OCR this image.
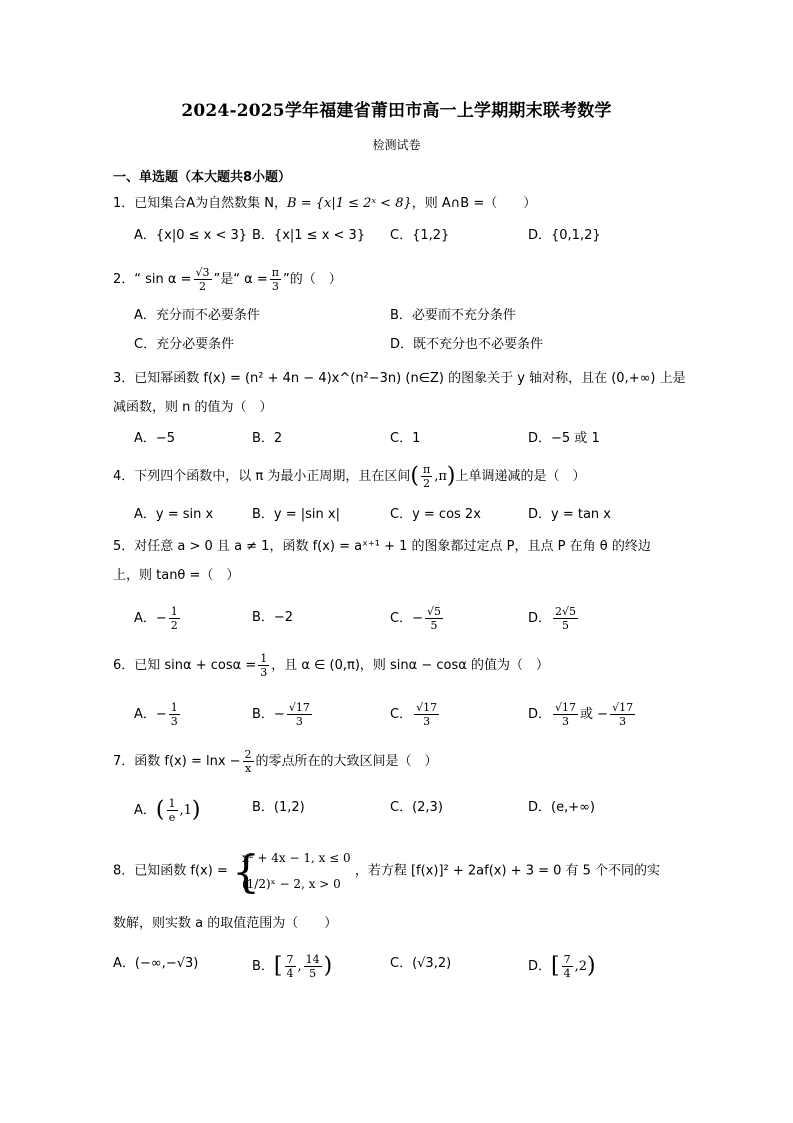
2024-2025学年福建省莆田市高一上学期期末联考数学
检测试卷
一、单选题（本大题共8小题）
1．已知集合A为自然数集 N，B = {x|1 ≤ 2ˣ < 8}，则 A∩B =（　　）
A．{x|0 ≤ x < 3} B．{x|1 ≤ x < 3} C．{1,2}	D．{0,1,2}
2．“ $\sin \alpha = \frac{√3}{2}$ ”是“ $\alpha = \frac{\pi}{3}$ ”的（　）
A．充分而不必要条件	B．必要而不充分条件
C．充分必要条件	D．既不充分也不必要条件
3．已知幂函数 f(x) = (n² + 4n − 4)x^(n²−3n) (n∈Z) 的图象关于 y 轴对称，且在 (0,+∞) 上是
减函数，则 n 的值为（　）
A．−5	B．2	C．1	D．−5 或 1
4．下列四个函数中，以 π 为最小正周期，且在区间( $\frac{\pi}{2} ,\pi$)上单调递减的是（　）
A．y = sin x	B．y = |sin x|	C．y = cos 2x	D．y = tan x
5．对任意 a > 0 且 a ≠ 1，函数 f(x) = aˣ⁺¹ + 1 的图象都过定点 P，且点 P 在角 θ 的终边
上，则 tanθ =（　）
A．− $\frac{1}{2}$	B．−2	C．− $\frac{√5}{5}$	D． $\frac{2√5}{5}$
6．已知 $\sin\alpha + \cos\alpha = \frac{1}{3}$ ，且 α ∈ (0,π)，则 sinα − cosα 的值为（　）
A．− $\frac{1}{3}$	B．− $\frac{√17}{3}$	C． $\frac{√17}{3}$	D． $\frac{√17}{3}$ 或 − $\frac{√17}{3}$
7．函数 $f(x) = \ln x - \frac{2}{x}$ 的零点所在的大致区间是（　）
A．( $\frac{1}{e} ,1$)	B．(1,2)	C．(2,3)	D．(e,+∞)
8．已知函数 f(x) = {
x² + 4x − 1, x ≤ 0
(1/2)ˣ − 2, x > 0
，若方程 [f(x)]² + 2af(x) + 3 = 0 有 5 个不同的实
数解，则实数 a 的取值范围为（　　）
A．(−∞,−√3)	B．[ $\frac{7}{4}$ , $\frac{14}{5}$ )	C．(√3,2)	D．[ $\frac{7}{4} ,2$)
